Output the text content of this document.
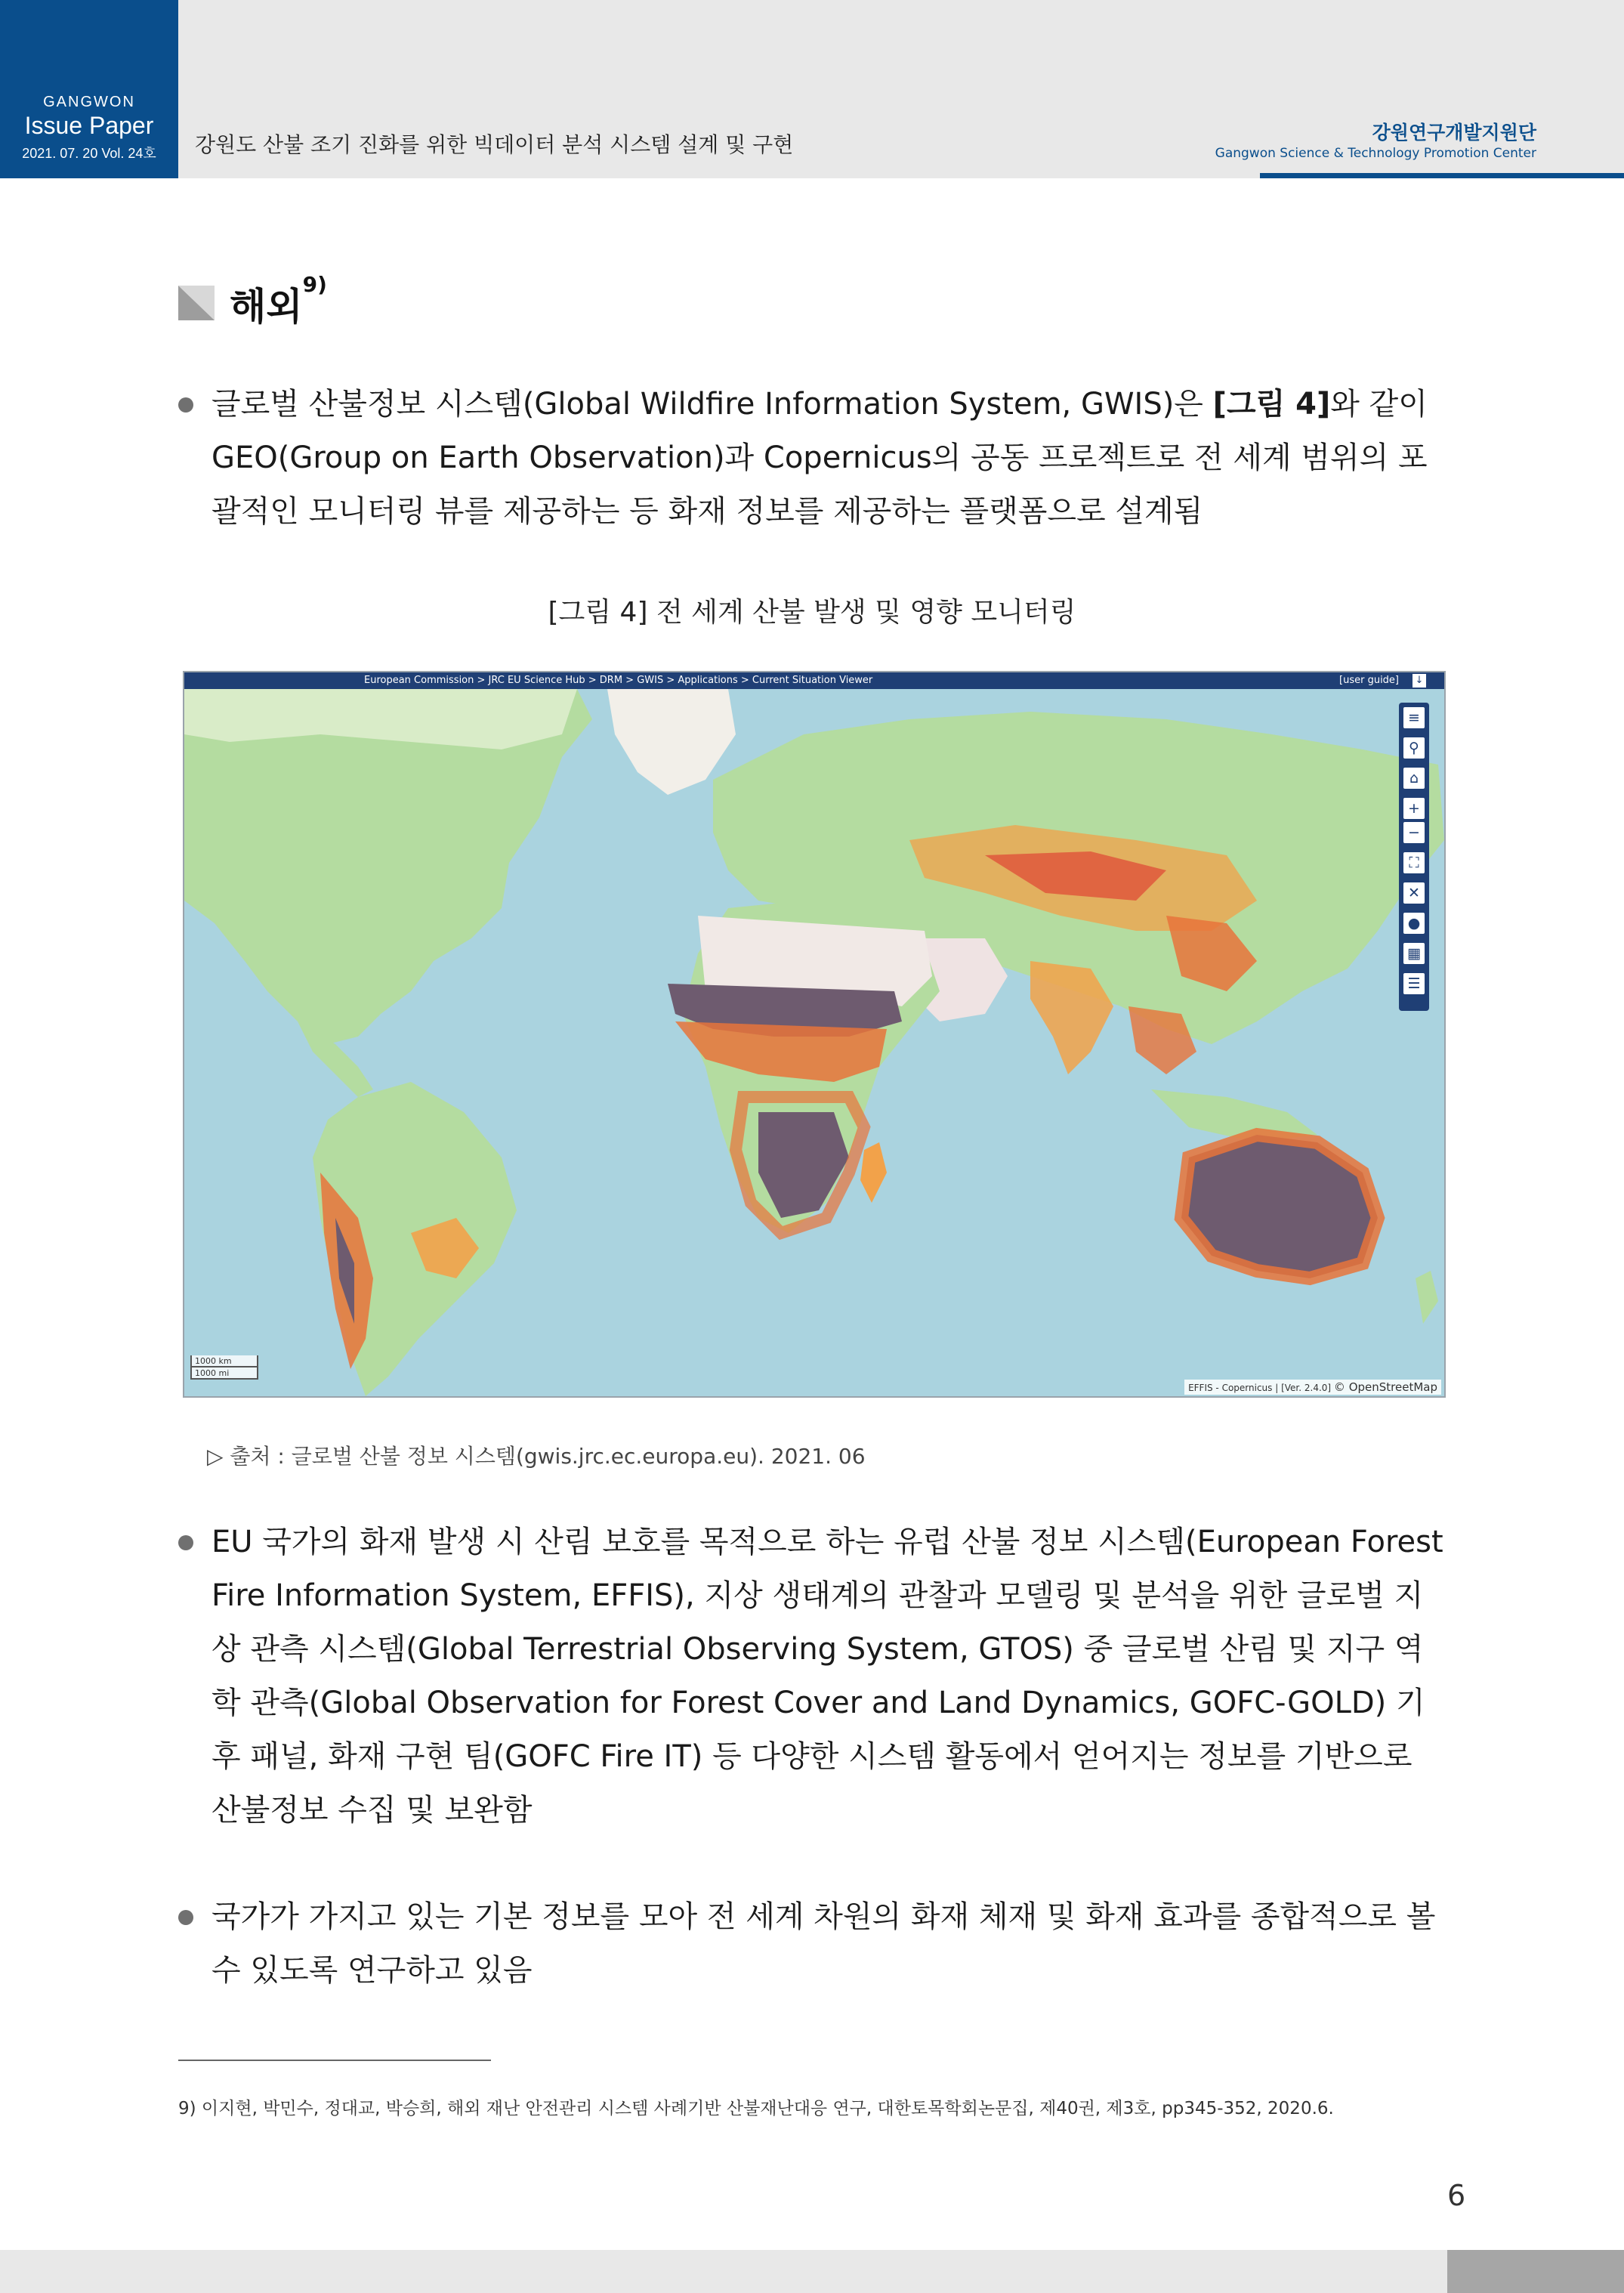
GANGWON
Issue Paper
2021. 07. 20 Vol. 24호	강원도 산불 조기 진화를 위한 빅데이터 분석 시스템 설계 및 구현	강원연구개발지원단
Gangwon Science & Technology Promotion Center
해외$^{9)}$
글로벌 산불정보 시스템(Global Wildfire Information System, GWIS)은 [그림 4]와 같이 GEO(Group on Earth Observation)과 Copernicus의 공동 프로젝트로 전 세계 범위의 포괄적인 모니터링 뷰를 제공하는 등 화재 정보를 제공하는 플랫폼으로 설계됨
[그림 4] 전 세계 산불 발생 및 영향 모니터링
European Commission > JRC EU Science Hub > DRM > GWIS > Applications > Current Situation Viewer	[user guide] ↓
≡
⚲
⌂
+
−
⛶
✕
●
▦
☰
1000 km
1000 mi
EFFIS - Copernicus | [Ver. 2.4.0] © OpenStreetMap
▷ 출처 : 글로벌 산불 정보 시스템(gwis.jrc.ec.europa.eu). 2021. 06
EU 국가의 화재 발생 시 산림 보호를 목적으로 하는 유럽 산불 정보 시스템(European Forest Fire Information System, EFFIS), 지상 생태계의 관찰과 모델링 및 분석을 위한 글로벌 지상 관측 시스템(Global Terrestrial Observing System, GTOS) 중 글로벌 산림 및 지구 역학 관측(Global Observation for Forest Cover and Land Dynamics, GOFC-GOLD) 기후 패널, 화재 구현 팀(GOFC Fire IT) 등 다양한 시스템 활동에서 얻어지는 정보를 기반으로 산불정보 수집 및 보완함
국가가 가지고 있는 기본 정보를 모아 전 세계 차원의 화재 체재 및 화재 효과를 종합적으로 볼 수 있도록 연구하고 있음
9) 이지현, 박민수, 정대교, 박승희, 해외 재난 안전관리 시스템 사례기반 산불재난대응 연구, 대한토목학회논문집, 제40권, 제3호, pp345-352, 2020.6.
6
